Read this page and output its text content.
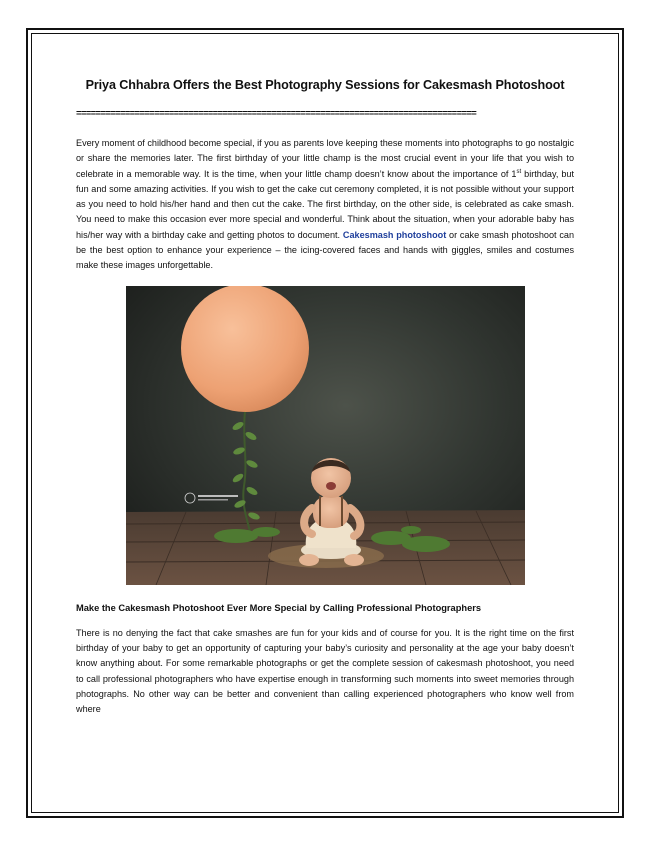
Priya Chhabra Offers the Best Photography Sessions for Cakesmash Photoshoot
==================================================================================

Every moment of childhood become special, if you as parents love keeping these moments into photographs to go nostalgic or share the memories later. The first birthday of your little champ is the most crucial event in your life that you wish to celebrate in a memorable way. It is the time, when your little champ doesn’t know about the importance of 1st birthday, but fun and some amazing activities. If you wish to get the cake cut ceremony completed, it is not possible without your support as you need to hold his/her hand and then cut the cake. The first birthday, on the other side, is celebrated as cake smash. You need to make this occasion ever more special and wonderful. Think about the situation, when your adorable baby has his/her way with a birthday cake and getting photos to document. Cakesmash photoshoot or cake smash photoshoot can be the best option to enhance your experience – the icing-covered faces and hands with giggles, smiles and costumes make these images unforgettable.

Make the Cakesmash Photoshoot Ever More Special by Calling Professional Photographers

There is no denying the fact that cake smashes are fun for your kids and of course for you. It is the right time on the first birthday of your baby to get an opportunity of capturing your baby’s curiosity and personality at the age your baby doesn’t know anything about. For some remarkable photographs or get the complete session of cakesmash photoshoot, you need to call professional photographers who have expertise enough in transforming such moments into sweet memories through photographs. No other way can be better and convenient than calling experienced photographers who know well from where
